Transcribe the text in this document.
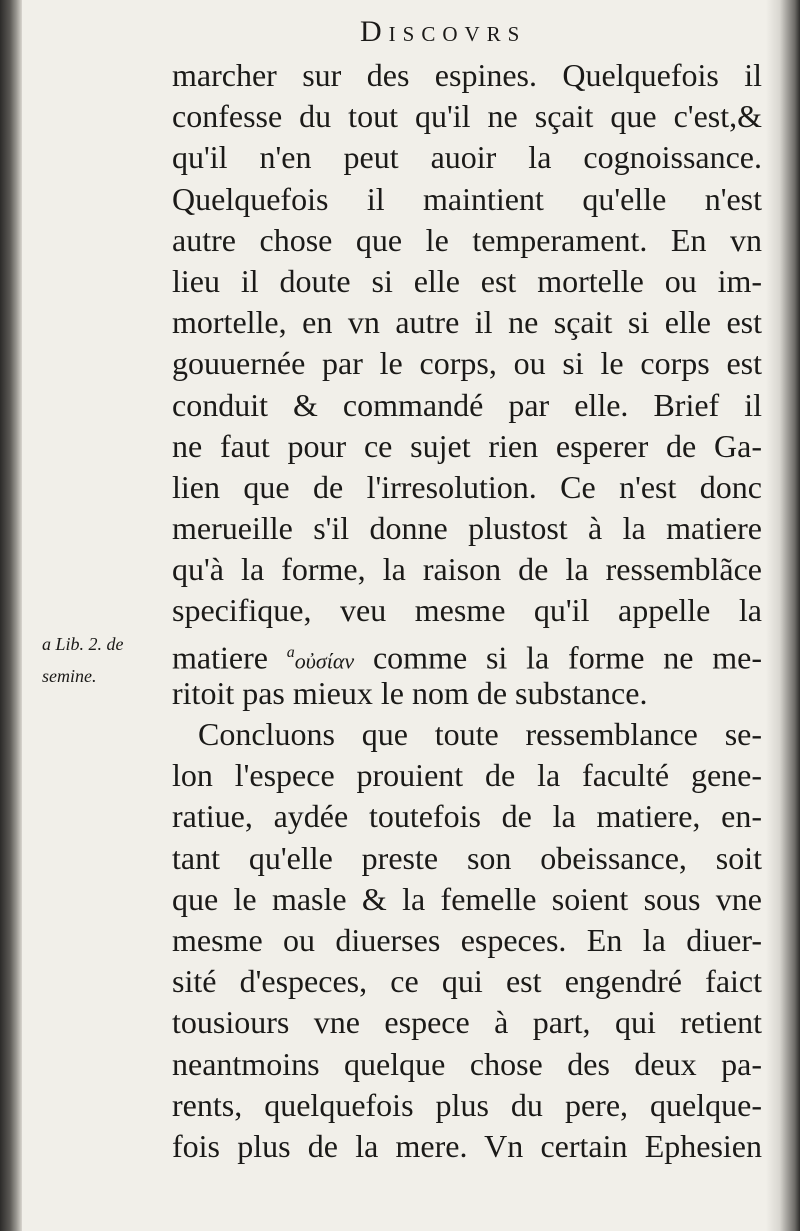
Discovrs
a Lib. 2. de
semine.
marcher sur des espines. Quelquefois il
confesse du tout qu'il ne sçait que c'est,&
qu'il n'en peut auoir la cognoissance.
Quelquefois il maintient qu'elle n'est
autre chose que le temperament. En vn
lieu il doute si elle est mortelle ou im-
mortelle, en vn autre il ne sçait si elle est
gouuernée par le corps, ou si le corps est
conduit & commandé par elle. Brief il
ne faut pour ce sujet rien esperer de Ga-
lien que de l'irresolution. Ce n'est donc
merueille s'il donne plustost à la matiere
qu'à la forme, la raison de la ressemblãce
specifique, veu mesme qu'il appelle la
matiere $^a$οὐσίαν comme si la forme ne me-
ritoit pas mieux le nom de substance.
Concluons que toute ressemblance se-
lon l'espece prouient de la faculté gene-
ratiue, aydée toutefois de la matiere, en-
tant qu'elle preste son obeissance, soit
que le masle & la femelle soient sous vne
mesme ou diuerses especes. En la diuer-
sité d'especes, ce qui est engendré faict
tousiours vne espece à part, qui retient
neantmoins quelque chose des deux pa-
rents, quelquefois plus du pere, quelque-
fois plus de la mere. Vn certain Ephesien
